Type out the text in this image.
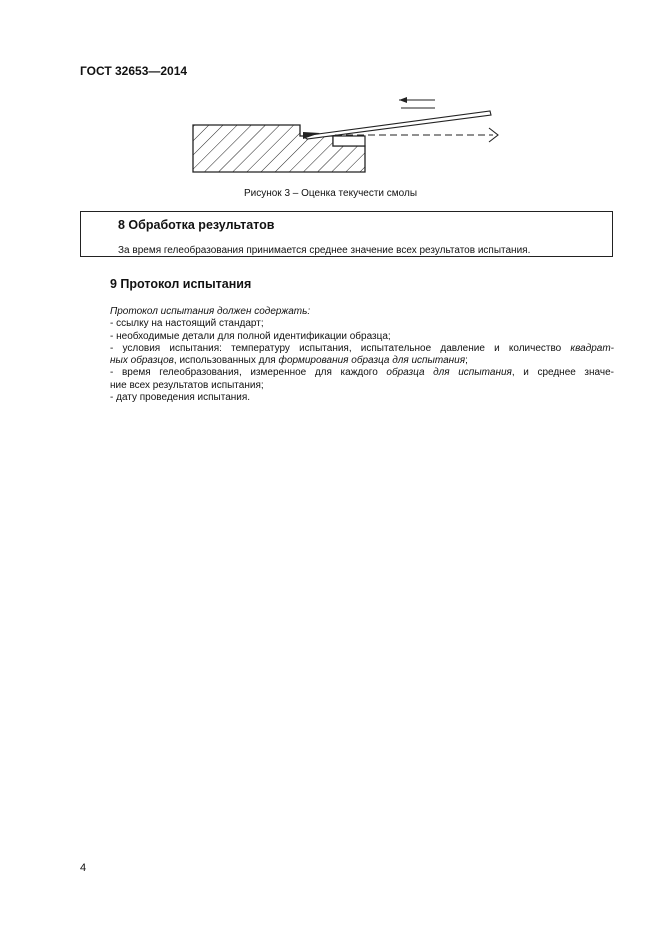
ГОСТ 32653—2014
Рисунок 3 – Оценка текучести смолы
8 Обработка результатов
За время гелеобразования принимается среднее значение всех результатов испытания.
9 Протокол испытания
Протокол испытания должен содержать:
- ссылку на настоящий стандарт;
- необходимые детали для полной идентификации образца;
- условия испытания: температуру испытания, испытательное давление и количество квадрат-
ных образцов, использованных для формирования образца для испытания;
- время гелеобразования, измеренное для каждого образца для испытания, и среднее значе-
ние всех результатов испытания;
- дату проведения испытания.
4
